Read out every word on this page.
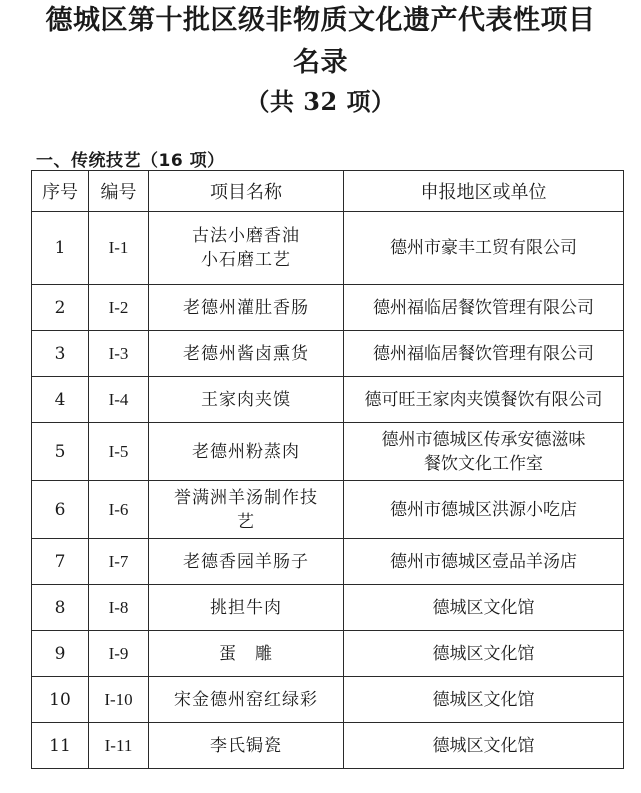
德城区第十批区级非物质文化遗产代表性项目
名录
（共 32 项）
一、传统技艺（16 项）
序号	编号	项目名称	申报地区或单位
1	I-1	古法小磨香油
小石磨工艺	德州市豪丰工贸有限公司

2	I-2	老德州灌肚香肠	德州福临居餐饮管理有限公司

3	I-3	老德州酱卤熏货	德州福临居餐饮管理有限公司

4	I-4	王家肉夹馍	德可旺王家肉夹馍餐饮有限公司

5	I-5	老德州粉蒸肉	德州市德城区传承安德滋味
餐饮文化工作室

6	I-6	誉满洲羊汤制作技
艺	德州市德城区洪源小吃店

7	I-7	老德香园羊肠子	德州市德城区壹品羊汤店

8	I-8	挑担牛肉	德城区文化馆

9	I-9	蛋　雕	德城区文化馆

10	I-10	宋金德州窑红绿彩	德城区文化馆

11	I-11	李氏锔瓷	德城区文化馆
